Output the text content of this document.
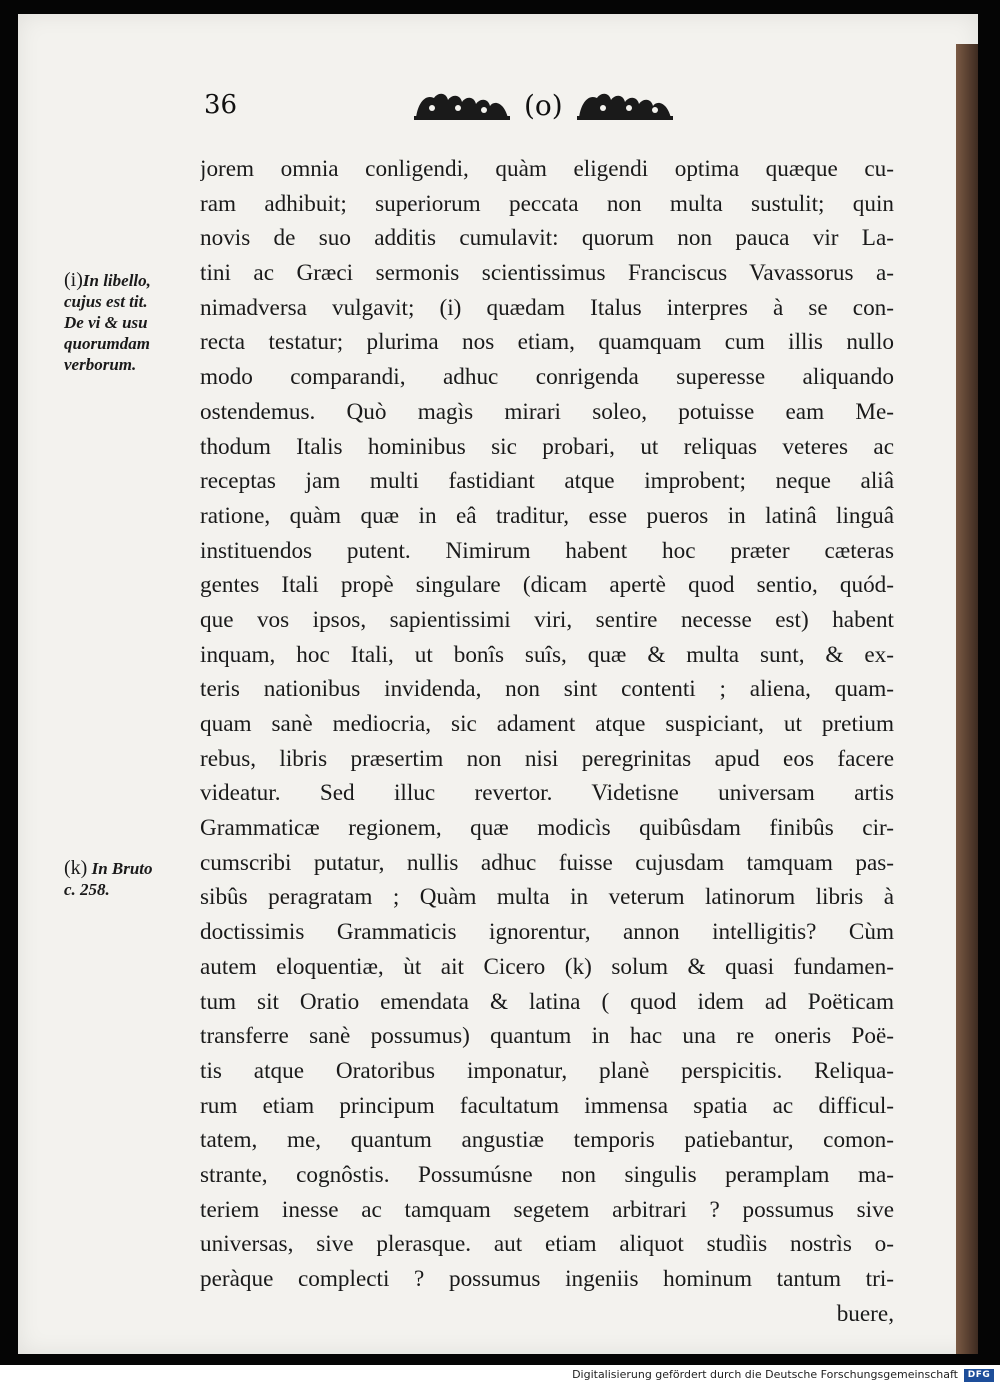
36	(o)
(i)In libello,
cujus est tit.
De vi & usu
quorumdam
verborum.
(k) In Bruto
c. 258.
jorem omnia conligendi, quàm eligendi optima quæque cu-
ram adhibuit; superiorum peccata non multa sustulit; quin
novis de suo additis cumulavit: quorum non pauca vir La-
tini ac Græci sermonis scientissimus Franciscus Vavassorus a-
nimadversa vulgavit; (i) quædam Italus interpres à se con-
recta testatur; plurima nos etiam, quamquam cum illis nullo
modo comparandi, adhuc conrigenda superesse aliquando
ostendemus. Quò magìs mirari soleo, potuisse eam Me-
thodum Italis hominibus sic probari, ut reliquas veteres ac
receptas jam multi fastidiant atque improbent; neque aliâ
ratione, quàm quæ in eâ traditur, esse pueros in latinâ linguâ
instituendos putent. Nimirum habent hoc præter cæteras
gentes Itali propè singulare (dicam apertè quod sentio, quód-
que vos ipsos, sapientissimi viri, sentire necesse est) habent
inquam, hoc Itali, ut bonîs suîs, quæ & multa sunt, & ex-
teris nationibus invidenda, non sint contenti ; aliena, quam-
quam sanè mediocria, sic adament atque suspiciant, ut pretium
rebus, libris præsertim non nisi peregrinitas apud eos facere
videatur. Sed illuc revertor. Videtisne universam artis
Grammaticæ regionem, quæ modicìs quibûsdam finibûs cir-
cumscribi putatur, nullis adhuc fuisse cujusdam tamquam pas-
sibûs peragratam ; Quàm multa in veterum latinorum libris à
doctissimis Grammaticis ignorentur, annon intelligitis? Cùm
autem eloquentiæ, ùt ait Cicero (k) solum & quasi fundamen-
tum sit Oratio emendata & latina ( quod idem ad Poëticam
transferre sanè possumus) quantum in hac una re oneris Poë-
tis atque Oratoribus imponatur, planè perspicitis. Reliqua-
rum etiam principum facultatum immensa spatia ac difficul-
tatem, me, quantum angustiæ temporis patiebantur, comon-
strante, cognôstis. Possumúsne non singulis peramplam ma-
teriem inesse ac tamquam segetem arbitrari ? possumus sive
universas, sive plerasque. aut etiam aliquot studìis nostrìs o-
peràque complecti ? possumus ingeniis hominum tantum tri-
buere,
Digitalisierung gefördert durch die Deutsche Forschungsgemeinschaft	DFG
